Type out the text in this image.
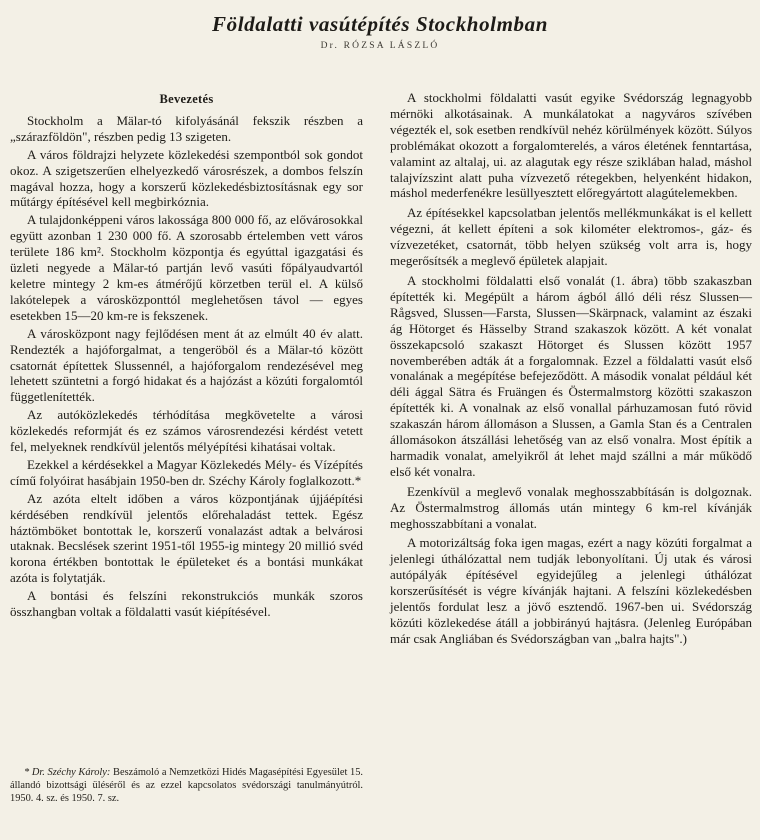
Földalatti vasútépítés Stockholmban
Dr. RÓZSA LÁSZLÓ
Bevezetés

Stockholm a Mälar-tó kifolyásánál fekszik részben a „szárazföldön", részben pedig 13 szigeten.

A város földrajzi helyzete közlekedési szempontból sok gondot okoz. A szigetszerűen elhelyezkedő városrészek, a dombos felszín magával hozza, hogy a korszerű közlekedésbiztosításnak egy sor műtárgy építésével kell megbirkóznia.

A tulajdonképpeni város lakossága 800 000 fő, az elővárosokkal együtt azonban 1 230 000 fő. A szorosabb értelemben vett város területe 186 km². Stockholm központja és egyúttal igazgatási és üzleti negyede a Mälar-tó partján levő vasúti főpályaudvartól keletre mintegy 2 km-es átmérőjű körzetben terül el. A külső lakótelepek a városközponttól meglehetősen távol — egyes esetekben 15—20 km-re is fekszenek.

A városközpont nagy fejlődésen ment át az elmúlt 40 év alatt. Rendezték a hajóforgalmat, a tengeröböl és a Mälar-tó között csatornát építettek Slussennél, a hajóforgalom rendezésével meg lehetett szüntetni a forgó hidakat és a hajózást a közúti forgalomtól függetlenítették.

Az autóközlekedés térhódítása megkövetelte a városi közlekedés reformját és ez számos városrendezési kérdést vetett fel, melyeknek rendkívül jelentős mélyépítési kihatásai voltak.

Ezekkel a kérdésekkel a Magyar Közlekedés Mély- és Vízépítés című folyóirat hasábjain 1950-ben dr. Széchy Károly foglalkozott.*

Az azóta eltelt időben a város központjának újjáépítési kérdésében rendkívül jelentős előrehaladást tettek. Egész háztömböket bontottak le, korszerű vonalazást adtak a belvárosi utaknak. Becslések szerint 1951-től 1955-ig mintegy 20 millió svéd korona értékben bontottak le épületeket és a bontási munkákat azóta is folytatják.

A bontási és felszíni rekonstrukciós munkák szoros összhangban voltak a földalatti vasút kiépítésével.

* Dr. Széchy Károly: Beszámoló a Nemzetközi Hidés Magasépítési Egyesület 15. állandó bizottsági üléséről és az ezzel kapcsolatos svédországi tanulmányútról. 1950. 4. sz. és 1950. 7. sz.

A stockholmi földalatti vasút egyike Svédország legnagyobb mérnöki alkotásainak. A munkálatokat a nagyváros szívében végezték el, sok esetben rendkívül nehéz körülmények között. Súlyos problémákat okozott a forgalomterelés, a város életének fenntartása, valamint az altalaj, ui. az alagutak egy része sziklában halad, máshol talajvízszint alatt puha vízvezető rétegekben, helyenként hidakon, máshol mederfenékre lesüllyesztett előregyártott alagútelemekben.

Az építésekkel kapcsolatban jelentős mellékmunkákat is el kellett végezni, át kellett építeni a sok kilométer elektromos-, gáz- és vízvezetéket, csatornát, több helyen szükség volt arra is, hogy megerősítsék a meglevő épületek alapjait.

A stockholmi földalatti első vonalát (1. ábra) több szakaszban építették ki. Megépült a három ágból álló déli rész Slussen—Rågsved, Slussen—Farsta, Slussen—Skärpnack, valamint az északi ág Hötorget és Hässelby Strand szakaszok között. A két vonalat összekapcsoló szakaszt Hötorget és Slussen között 1957 novemberében adták át a forgalomnak. Ezzel a földalatti vasút első vonalának a megépítése befejeződött. A második vonalat például két déli ággal Sätra és Fruängen és Östermalmstorg közötti szakaszon építették ki. A vonalnak az első vonallal párhuzamosan futó rövid szakaszán három állomáson a Slussen, a Gamla Stan és a Centralen állomásokon átszállási lehetőség van az első vonalra. Most építik a harmadik vonalat, amelyikről át lehet majd szállni a már működő első két vonalra.

Ezenkívül a meglevő vonalak meghosszabbításán is dolgoznak. Az Östermalmstrog állomás után mintegy 6 km-rel kívánják meghosszabbítani a vonalat.

A motorizáltság foka igen magas, ezért a nagy közúti forgalmat a jelenlegi úthálózattal nem tudják lebonyolítani. Új utak és városi autópályák építésével egyidejűleg a jelenlegi úthálózat korszerűsítését is végre kívánják hajtani. A felszíni közlekedésben jelentős fordulat lesz a jövő esztendő. 1967-ben ui. Svédország közúti közlekedése átáll a jobbirányú hajtásra. (Jelenleg Európában már csak Angliában és Svédországban van „balra hajts".)
